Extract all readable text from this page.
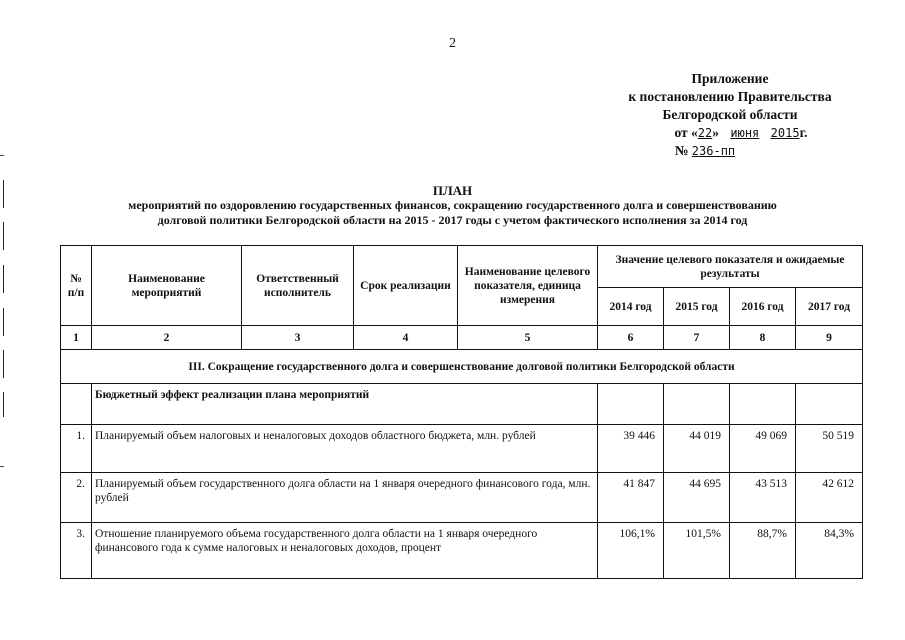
2
Приложение
к постановлению Правительства
Белгородской области
от «22» июня 2015г.
№ 236-пп
ПЛАН
мероприятий по оздоровлению государственных финансов, сокращению государственного долга и совершенствованию
долговой политики Белгородской области на 2015 - 2017 годы с учетом фактического исполнения за 2014 год
№ п/п	Наименование мероприятий	Ответственный исполнитель	Срок реализации	Наименование целевого показателя, единица измерения	Значение целевого показателя и ожидаемые результаты			
					2014 год	2015 год	2016 год	2017 год
1	2	3	4	5	6	7	8	9
III. Сокращение государственного долга и совершенствование долговой политики Белгородской области								
	Бюджетный эффект реализации плана мероприятий							
1.	Планируемый объем налоговых и неналоговых доходов областного бюджета, млн. рублей				39 446	44 019	49 069	50 519
2.	Планируемый объем государственного долга области на 1 января очередного финансового года, млн. рублей				41 847	44 695	43 513	42 612
3.	Отношение планируемого объема государственного долга области на 1 января очередного финансового года к сумме налоговых и неналоговых доходов, процент				106,1%	101,5%	88,7%	84,3%
